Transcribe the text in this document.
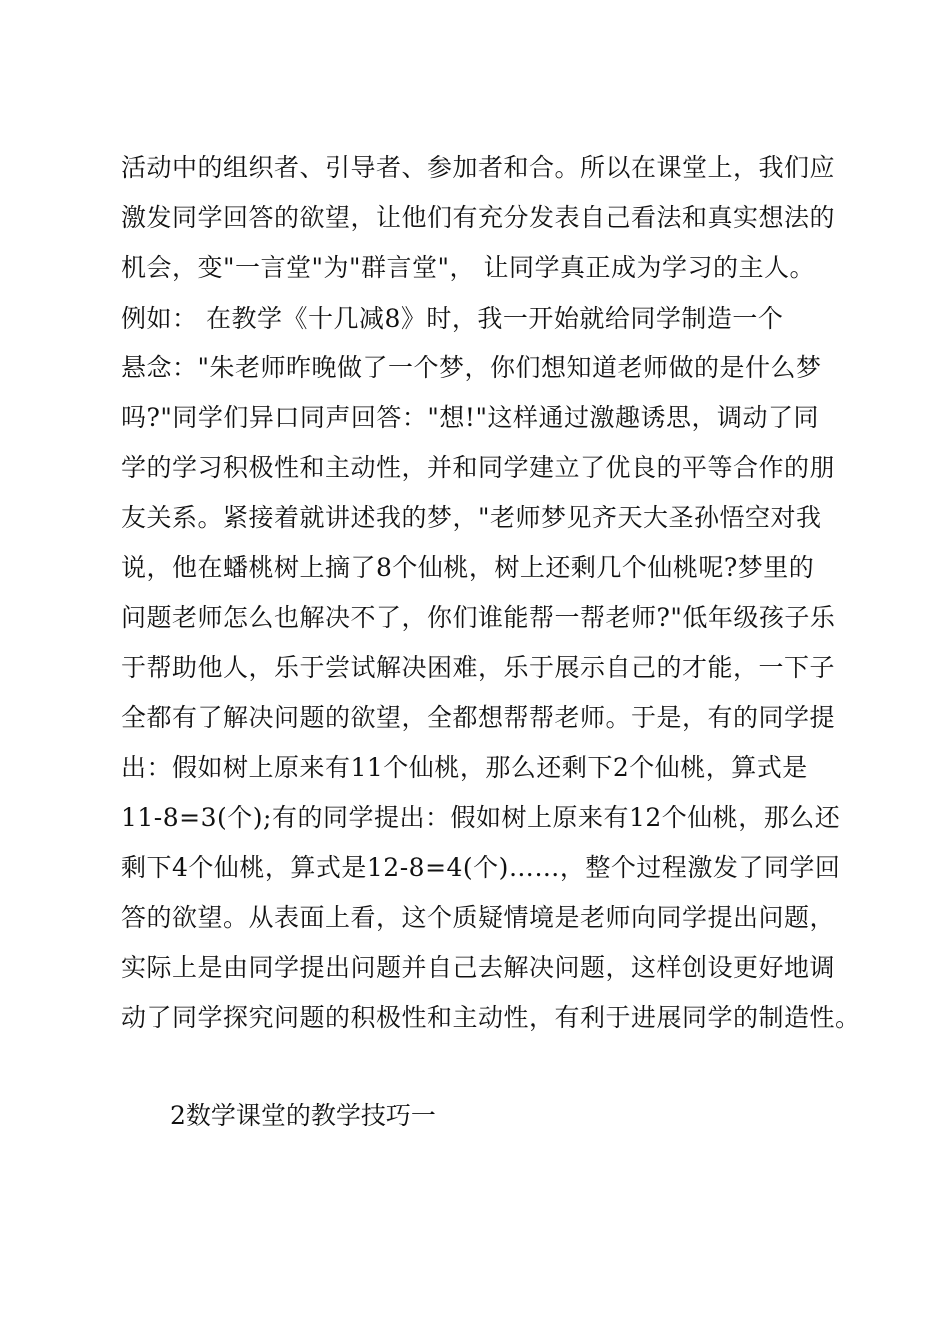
活动中的组织者、引导者、参加者和合。所以在课堂上，我们应
激发同学回答的欲望，让他们有充分发表自己看法和真实想法的
机会，变"一言堂"为"群言堂"， 让同学真正成为学习的主人。
例如： 在教学《十几减8》时，我一开始就给同学制造一个
悬念："朱老师昨晚做了一个梦，你们想知道老师做的是什么梦
吗?"同学们异口同声回答："想!"这样通过激趣诱思，调动了同
学的学习积极性和主动性，并和同学建立了优良的平等合作的朋
友关系。紧接着就讲述我的梦，"老师梦见齐天大圣孙悟空对我
说，他在蟠桃树上摘了8个仙桃，树上还剩几个仙桃呢?梦里的
问题老师怎么也解决不了，你们谁能帮一帮老师?"低年级孩子乐
于帮助他人，乐于尝试解决困难，乐于展示自己的才能，一下子
全都有了解决问题的欲望，全都想帮帮老师。于是，有的同学提
出：假如树上原来有11个仙桃，那么还剩下2个仙桃，算式是
11-8=3(个);有的同学提出：假如树上原来有12个仙桃，那么还
剩下4个仙桃，算式是12-8=4(个)……，整个过程激发了同学回
答的欲望。从表面上看，这个质疑情境是老师向同学提出问题，
实际上是由同学提出问题并自己去解决问题，这样创设更好地调
动了同学探究问题的积极性和主动性，有利于进展同学的制造性。
2数学课堂的教学技巧一
